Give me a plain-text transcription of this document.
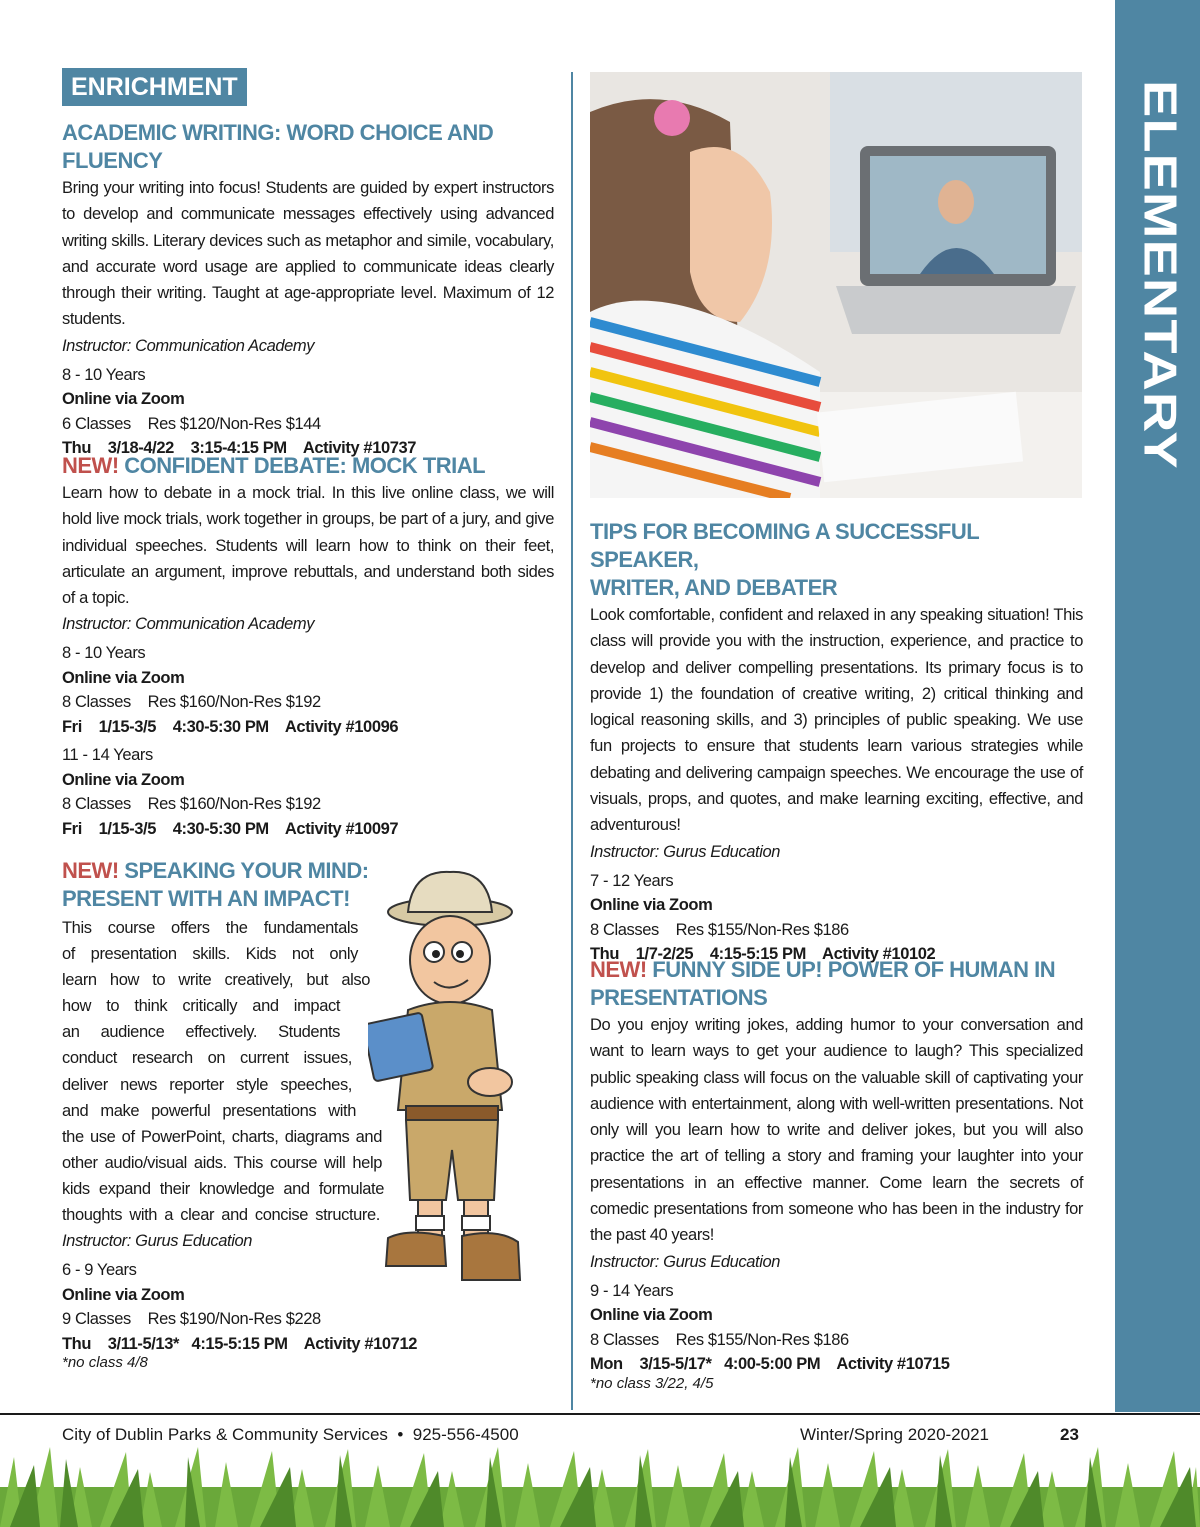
ELEMENTARY
ENRICHMENT

ACADEMIC WRITING: WORD CHOICE AND FLUENCY

Bring your writing into focus! Students are guided by expert instructors to develop and communicate messages effectively using advanced writing skills. Literary devices such as metaphor and simile, vocabulary, and accurate word usage are applied to communicate ideas clearly through their writing. Taught at age-appropriate level. Maximum of 12 students.

Instructor: Communication Academy

8 - 10 Years

Online via Zoom

6 Classes    Res $120/Non-Res $144

Thu    3/18-4/22    3:15-4:15 PM    Activity #10737

NEW! CONFIDENT DEBATE: MOCK TRIAL

Learn how to debate in a mock trial. In this live online class, we will hold live mock trials, work together in groups, be part of a jury, and give individual speeches. Students will learn how to think on their feet, articulate an argument, improve rebuttals, and understand both sides of a topic.

Instructor: Communication Academy

8 - 10 Years

Online via Zoom

8 Classes    Res $160/Non-Res $192

Fri    1/15-3/5    4:30-5:30 PM    Activity #10096

11 - 14 Years

Online via Zoom

8 Classes    Res $160/Non-Res $192

Fri    1/15-3/5    4:30-5:30 PM    Activity #10097

NEW! SPEAKING YOUR MIND:

PRESENT WITH AN IMPACT!

This course offers the fundamentals

of presentation skills. Kids not only

learn how to write creatively, but also

how to think critically and impact

an audience effectively. Students

conduct research on current issues,

deliver news reporter style speeches,

and make powerful presentations with

the use of PowerPoint, charts, diagrams and

other audio/visual aids. This course will help

kids expand their knowledge and formulate

thoughts with a clear and concise structure.

Instructor: Gurus Education

6 - 9 Years

Online via Zoom

9 Classes    Res $190/Non-Res $228

Thu    3/11-5/13*   4:15-5:15 PM    Activity #10712

*no class 4/8

TIPS FOR BECOMING A SUCCESSFUL SPEAKER,

WRITER, AND DEBATER

Look comfortable, confident and relaxed in any speaking situation! This class will provide you with the instruction, experience, and practice to develop and deliver compelling presentations. Its primary focus is to provide 1) the foundation of creative writing, 2) critical thinking and logical reasoning skills, and 3) principles of public speaking. We use fun projects to ensure that students learn various strategies while debating and delivering campaign speeches. We encourage the use of visuals, props, and quotes, and make learning exciting, effective, and adventurous!

Instructor: Gurus Education

7 - 12 Years

Online via Zoom

8 Classes    Res $155/Non-Res $186

Thu    1/7-2/25    4:15-5:15 PM    Activity #10102

NEW! FUNNY SIDE UP! POWER OF HUMAN IN

PRESENTATIONS

Do you enjoy writing jokes, adding humor to your conversation and want to learn ways to get your audience to laugh? This specialized public speaking class will focus on the valuable skill of captivating your audience with entertainment, along with well-written presentations. Not only will you learn how to write and deliver jokes, but you will also practice the art of telling a story and framing your laughter into your presentations in an effective manner. Come learn the secrets of comedic presentations from someone who has been in the industry for the past 40 years!

Instructor: Gurus Education

9 - 14 Years

Online via Zoom

8 Classes    Res $155/Non-Res $186

Mon    3/15-5/17*   4:00-5:00 PM    Activity #10715

*no class 3/22, 4/5

City of Dublin Parks & Community Services  •  925-556-4500	Winter/Spring 2020-2021	23
